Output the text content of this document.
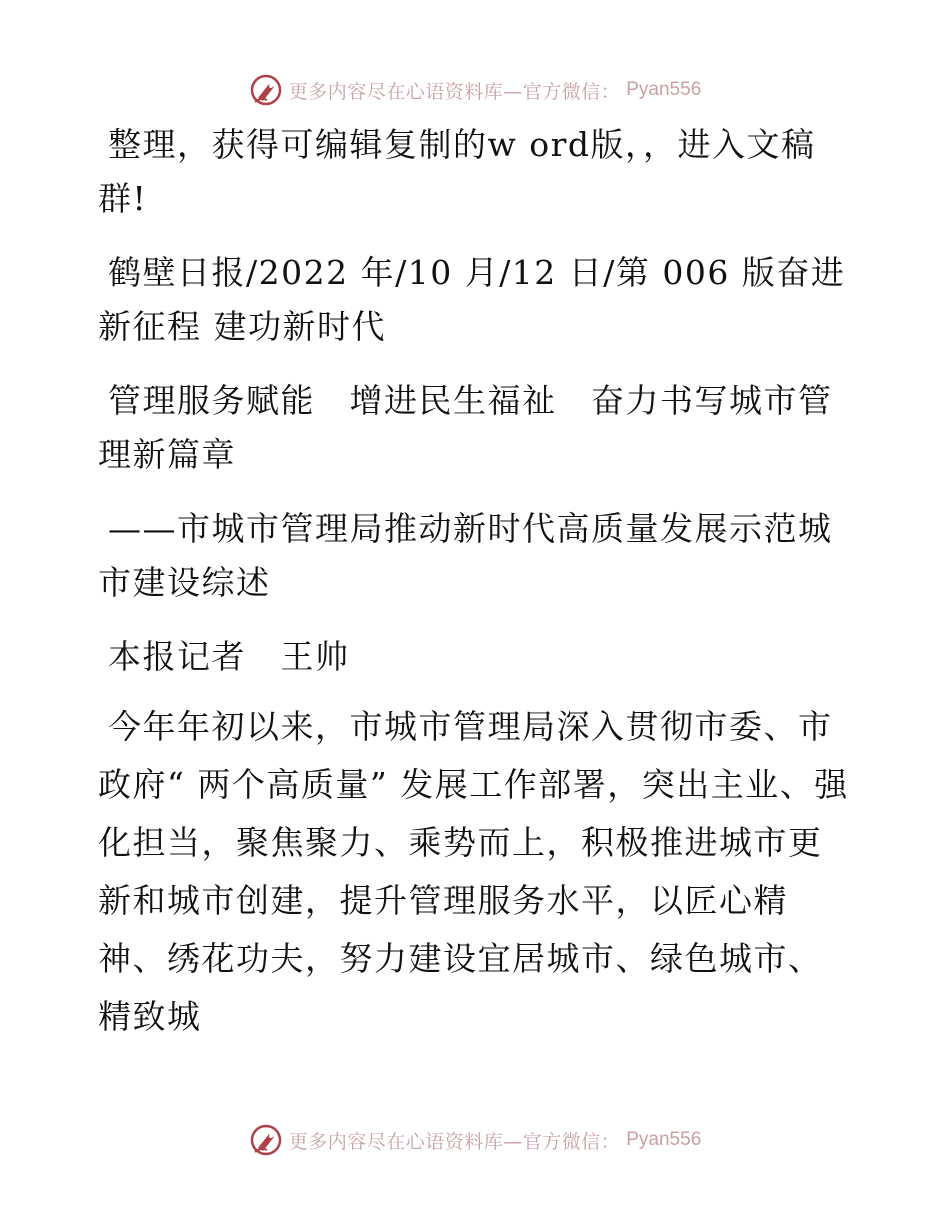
更多内容尽在心语资料库—官方微信： Pyan556

整理，获得可编辑复制的w ord版，，进入文稿群!

鹤壁日报/2022 年/10 月/12 日/第 006 版奋进新征程 建功新时代

管理服务赋能　增进民生福祉　奋力书写城市管理新篇章

——市城市管理局推动新时代高质量发展示范城市建设综述

本报记者　王帅

今年年初以来，市城市管理局深入贯彻市委、市政府“ 两个高质量” 发展工作部署，突出主业、强化担当，聚焦聚力、乘势而上，积极推进城市更新和城市创建，提升管理服务水平，以匠心精神、绣花功夫，努力建设宜居城市、绿色城市、精致城

更多内容尽在心语资料库—官方微信： Pyan556
